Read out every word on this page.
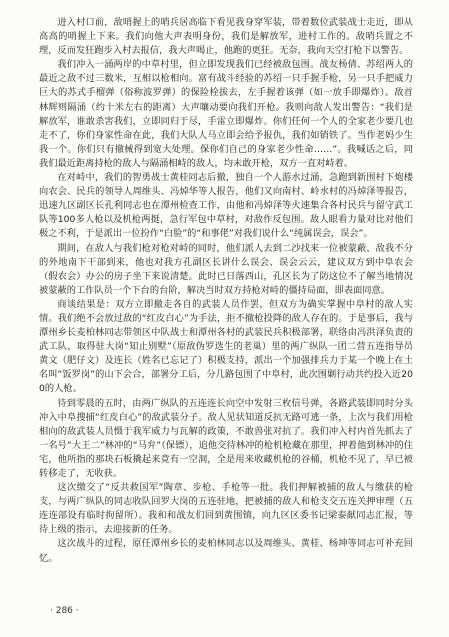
进入村口前，敌哨握上的哨兵居高临下看见我身穿军装，带着数位武装战士走近，即从高高的哨握上下来。我们向他大声表明身份，我们是解放军，进村工作的。敌哨兵置之不理，反而发狂跑步入村去报信，我大声喝止，他跑的更狂。无奈，我向天空打枪下以警告。

我们冲入一涌两岸的中草村里，但立即发现我们已经被敌包围。战友杨倩、苏绍两人的最近之敌不过三数米，互相以枪相向。富有战斗经验的苏绍一只手握手枪，另一只手把威力巨大的苏式手榴弹（俗称波罗弹）的保险栓拔去，左手握着该弹（如一放手即爆炸）。敌首林辉则隔涌（约十米左右的距离）大声嚷动要向我们开枪。我则向敌人发出警告：“我们是解放军，谁敢杀害我们，立即同归于尽，手雷立即爆炸。你们任何一个人的全家老少要几也走不了，你们身家性命在此，我们大队人马立即会给予报仇，我们如销铁了。当作老妈少生我一个。你们只有撤械得到宽大处理。保你们自己的身家老少性命……”。我喊话之后，同我们最近距离持枪的敌人与隔涌相峙的敌人，均未敢开枪，双方一直对峙着。

在对峙中，我们的智勇战士黄桂同志后撤，独自一个人游水过涌，急跑到新围村下炮楼向农会、民兵的领导人周维头、冯焯华等人报告，他们又向南村、岭水村的冯焯泽等报告，迅速九区副区长孔利同志也在潭州检查工作，由他和冯焯泽等火速集合各村民兵与留守武工队等100多人枪以及机枪两挺，急行军包中草村，对敌作反包围。敌人眼看力量对比对他们极之不利，于是派出一位扮作“白脸”的“和事佬”对我们说什么“纯属误会，误会”。

期间，在敌人与我们枪对枪对峙的同时，他们派人去到二沙找来一位被蒙蔽、敌我不分的外地南下干部到来，他也对我方孔副区长讲什么误会、误会云云，建议双方到中阜农会（假农会）办公的房子坐下来说清楚。此时已日落西山，孔区长为了防这位不了解当地情况被蒙蔽的工作队员一个下台的台阶，解决当时双方持枪对峙的僵持局面，即表面同意。

商谈结果是：双方立即撤走各自的武装人员作罢，但双方为确实掌握中阜村的敌人实情。我们绝不会放过敌的“红皮白心”为手法，拒不撤枪投降的敌人存在的。于是事后，我与潭州乡长麦柏林同志带领区中队战士和潭州各村的武装民兵积极部署，联络由冯洪泽负责的武工队，取得驻大岗“知止别墅”（原敌伪罗选生的老巢）里的两广纵队一团二营五连指导员黄文（肥仔文）及连长（姓名已忘记了）积极支持，派出一个加强排兵力于某一个晚上在土名叫“饭罗岗”的山下会合，部署分工后，分几路包围了中阜村，此次围剿行动共约投入近200的人枪。

待到零晨的五时，由两广纵队的五连连长向空中发射三枚信号弹，各路武装即同时分头冲入中阜搜捕“红皮白心”的敌武装分子。敌人见状知道反抗无路可逃一条，上次与我们用枪相向的敌武装人员慑于我军威力与瓦解的政策，不敢兽张对抗了。我们冲入村内首先抓去了一名号“大王二”林冲的“马弁”（保镖），追他交待林冲的枪机枪藏在那里，押着他到林冲的住宅，他所指的那块石板撬起来竟有一空洞，全是用来收藏机枪的谷桶，机枪不见了，早已被转移走了，无收获。

这次缴交了“反共救国军”陶章、步枪、手枪等一批。我们押解被捕的敌人与缴获的枪支，与两广纵队的同志收队回罗大岗的五连驻地，把被捕的敌人和枪支交五连关押审理（五连连部设有临时拘留所）。我和和战友们回到黄围镇，向九区区委书记梁泰献同志汇报，等待上级的指示，去迎接新的任务。

这次战斗的过程，原任潭州乡长的麦柏林同志以及周维头、黄桂、杨坤等同志可补充回忆。

· 286 ·
